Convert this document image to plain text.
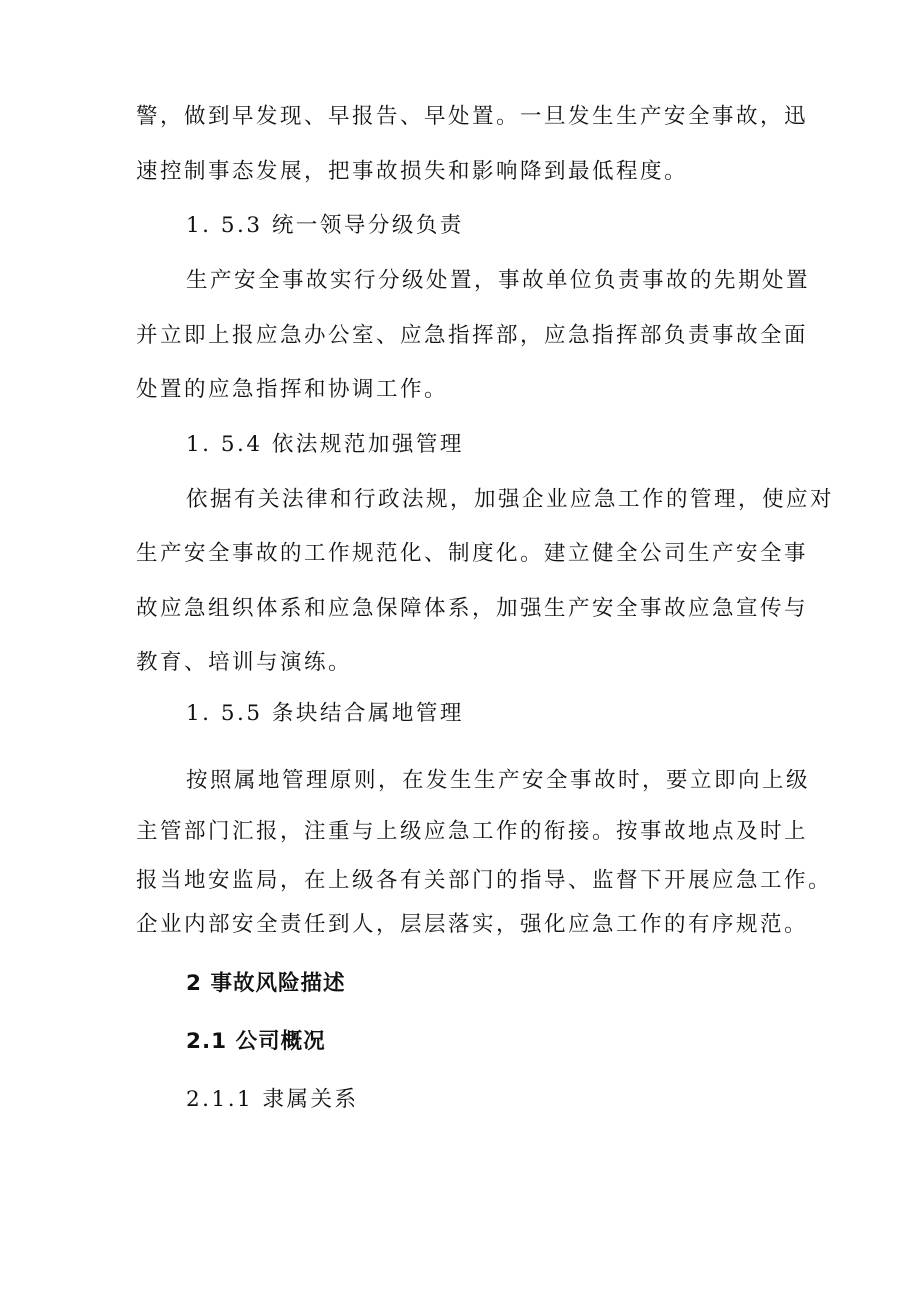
警，做到早发现、早报告、早处置。一旦发生生产安全事故，迅
速控制事态发展，把事故损失和影响降到最低程度。
1. 5.3 统一领导分级负责
生产安全事故实行分级处置，事故单位负责事故的先期处置
并立即上报应急办公室、应急指挥部，应急指挥部负责事故全面
处置的应急指挥和协调工作。
1. 5.4 依法规范加强管理
依据有关法律和行政法规，加强企业应急工作的管理，使应对
生产安全事故的工作规范化、制度化。建立健全公司生产安全事
故应急组织体系和应急保障体系，加强生产安全事故应急宣传与
教育、培训与演练。
1. 5.5 条块结合属地管理
按照属地管理原则，在发生生产安全事故时，要立即向上级
主管部门汇报，注重与上级应急工作的衔接。按事故地点及时上
报当地安监局，在上级各有关部门的指导、监督下开展应急工作。
企业内部安全责任到人，层层落实，强化应急工作的有序规范。
2 事故风险描述
2.1 公司概况
2.1.1 隶属关系
